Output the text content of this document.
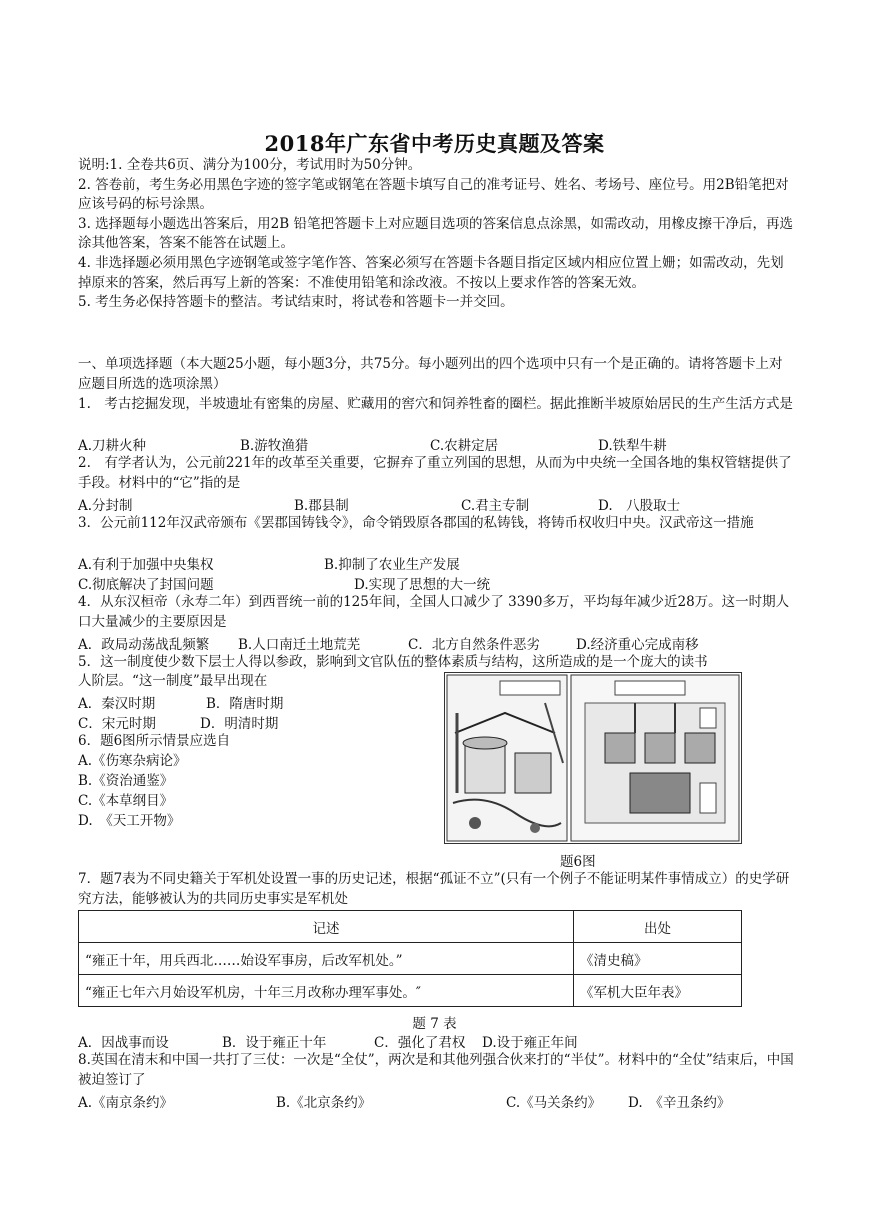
2018年广东省中考历史真题及答案
说明:1. 全卷共6页、满分为100分，考试用时为50分钟。
2. 答卷前，考生务必用黑色字迹的签字笔或钢笔在答题卡填写自己的准考证号、姓名、考场号、座位号。用2B铅笔把对应该号码的标号涂黑。
3. 选择题每小题选出答案后，用2B 铅笔把答题卡上对应题目选项的答案信息点涂黑，如需改动，用橡皮擦干净后，再选涂其他答案，答案不能答在试题上。
4. 非选择题必须用黑色字迹钢笔或签字笔作答、答案必须写在答题卡各题目指定区域内相应位置上姗；如需改动，先划掉原来的答案，然后再写上新的答案：不准使用铅笔和涂改液。不按以上要求作答的答案无效。
5. 考生务必保持答题卡的整洁。考试结束时，将试卷和答题卡一并交回。
一、单项选择题（本大题25小题，每小题3分，共75分。每小题列出的四个选项中只有一个是正确的。请将答题卡上对应题目所选的选项涂黑）
1.　考古挖掘发现，半坡遗址有密集的房屋、贮藏用的窖穴和饲养牲畜的圈栏。据此推断半坡原始居民的生产生活方式是
A.刀耕火种	B.游牧渔猎	C.农耕定居	D.铁犁牛耕
2.　有学者认为，公元前221年的改革至关重要，它摒弃了重立列国的思想，从而为中央统一全国各地的集权管辖提供了手段。材料中的“它”指的是
A.分封制	B.郡县制	C.君主专制	D.　八股取士
3．公元前112年汉武帝颁布《罢郡国铸钱令》，命令销毁原各郡国的私铸钱，将铸币权收归中央。汉武帝这一措施
A.有利于加强中央集权	B.抑制了农业生产发展
C.彻底解决了封国问题	D.实现了思想的大一统
4．从东汉桓帝（永寿二年）到西晋统一前的125年间，全国人口减少了 3390多万，平均每年减少近28万。这一时期人口大量减少的主要原因是
A．政局动荡战乱频繁 B.人口南迁土地荒芜	C．北方自然条件恶劣	D.经济重心完成南移
5．这一制度使少数下层士人得以参政，影响到文官队伍的整体素质与结构，这所造成的是一个庞大的读书
人阶层。“这一制度”最早出现在
A．秦汉时期	B．隋唐时期
C．宋元时期	D．明清时期
6．题6图所示情景应选自
A.《伤寒杂病论》
B.《资治通鉴》
C.《本草纲目》
D.　《天工开物》
题6图
7．题7表为不同史籍关于军机处设置一事的历史记述，根据“孤证不立”(只有一个例子不能证明某件事情成立）的史学研究方法，能够被认为的共同历史事实是军机处
记述	出处
“雍正十年，用兵西北……始设军事房，后改军机处。”	《清史稿》
“雍正七年六月始设军机房，十年三月改称办理军事处。″	《军机大臣年表》
题 7 表
A．因战事而设	B．设于雍正十年	C．强化了君权 D.设于雍正年间
8.英国在清末和中国一共打了三仗：一次是“全仗”，两次是和其他列强合伙来打的“半仗”。材料中的“全仗”结束后，中国被迫签订了
A.《南京条约》	B.《北京条约》	C.《马关条约》 D.　《辛丑条约》
